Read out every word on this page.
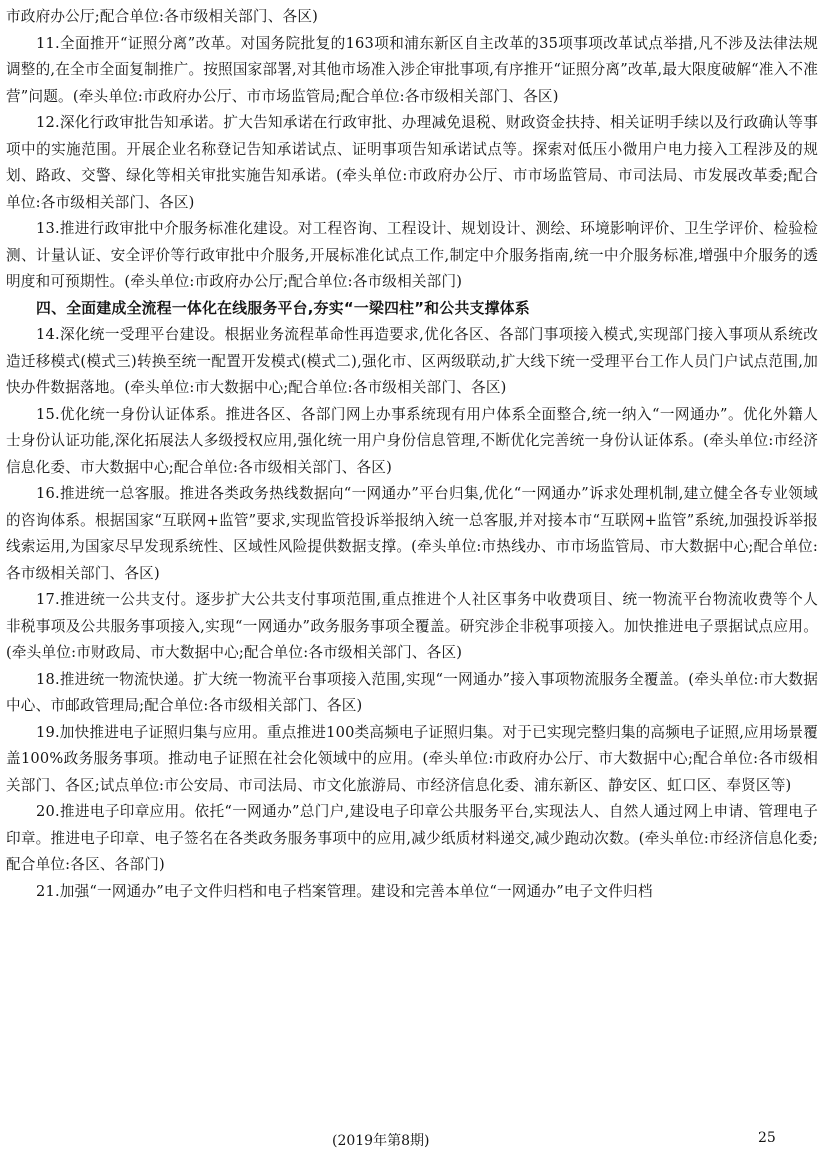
市政府办公厅;配合单位:各市级相关部门、各区)

11.全面推开“证照分离”改革。对国务院批复的163项和浦东新区自主改革的35项事项改革试点举措,凡不涉及法律法规调整的,在全市全面复制推广。按照国家部署,对其他市场准入涉企审批事项,有序推开“证照分离”改革,最大限度破解“准入不准营”问题。(牵头单位:市政府办公厅、市市场监管局;配合单位:各市级相关部门、各区)

12.深化行政审批告知承诺。扩大告知承诺在行政审批、办理减免退税、财政资金扶持、相关证明手续以及行政确认等事项中的实施范围。开展企业名称登记告知承诺试点、证明事项告知承诺试点等。探索对低压小微用户电力接入工程涉及的规划、路政、交警、绿化等相关审批实施告知承诺。(牵头单位:市政府办公厅、市市场监管局、市司法局、市发展改革委;配合单位:各市级相关部门、各区)

13.推进行政审批中介服务标准化建设。对工程咨询、工程设计、规划设计、测绘、环境影响评价、卫生学评价、检验检测、计量认证、安全评价等行政审批中介服务,开展标准化试点工作,制定中介服务指南,统一中介服务标准,增强中介服务的透明度和可预期性。(牵头单位:市政府办公厅;配合单位:各市级相关部门)

四、全面建成全流程一体化在线服务平台,夯实“一梁四柱”和公共支撑体系

14.深化统一受理平台建设。根据业务流程革命性再造要求,优化各区、各部门事项接入模式,实现部门接入事项从系统改造迁移模式(模式三)转换至统一配置开发模式(模式二),强化市、区两级联动,扩大线下统一受理平台工作人员门户试点范围,加快办件数据落地。(牵头单位:市大数据中心;配合单位:各市级相关部门、各区)

15.优化统一身份认证体系。推进各区、各部门网上办事系统现有用户体系全面整合,统一纳入“一网通办”。优化外籍人士身份认证功能,深化拓展法人多级授权应用,强化统一用户身份信息管理,不断优化完善统一身份认证体系。(牵头单位:市经济信息化委、市大数据中心;配合单位:各市级相关部门、各区)

16.推进统一总客服。推进各类政务热线数据向“一网通办”平台归集,优化“一网通办”诉求处理机制,建立健全各专业领域的咨询体系。根据国家“互联网+监管”要求,实现监管投诉举报纳入统一总客服,并对接本市“互联网+监管”系统,加强投诉举报线索运用,为国家尽早发现系统性、区域性风险提供数据支撑。(牵头单位:市热线办、市市场监管局、市大数据中心;配合单位:各市级相关部门、各区)

17.推进统一公共支付。逐步扩大公共支付事项范围,重点推进个人社区事务中收费项目、统一物流平台物流收费等个人非税事项及公共服务事项接入,实现“一网通办”政务服务事项全覆盖。研究涉企非税事项接入。加快推进电子票据试点应用。(牵头单位:市财政局、市大数据中心;配合单位:各市级相关部门、各区)

18.推进统一物流快递。扩大统一物流平台事项接入范围,实现“一网通办”接入事项物流服务全覆盖。(牵头单位:市大数据中心、市邮政管理局;配合单位:各市级相关部门、各区)

19.加快推进电子证照归集与应用。重点推进100类高频电子证照归集。对于已实现完整归集的高频电子证照,应用场景覆盖100%政务服务事项。推动电子证照在社会化领域中的应用。(牵头单位:市政府办公厅、市大数据中心;配合单位:各市级相关部门、各区;试点单位:市公安局、市司法局、市文化旅游局、市经济信息化委、浦东新区、静安区、虹口区、奉贤区等)

20.推进电子印章应用。依托“一网通办”总门户,建设电子印章公共服务平台,实现法人、自然人通过网上申请、管理电子印章。推进电子印章、电子签名在各类政务服务事项中的应用,减少纸质材料递交,减少跑动次数。(牵头单位:市经济信息化委;配合单位:各区、各部门)

21.加强“一网通办”电子文件归档和电子档案管理。建设和完善本单位“一网通办”电子文件归档

(2019年第8期)	25
